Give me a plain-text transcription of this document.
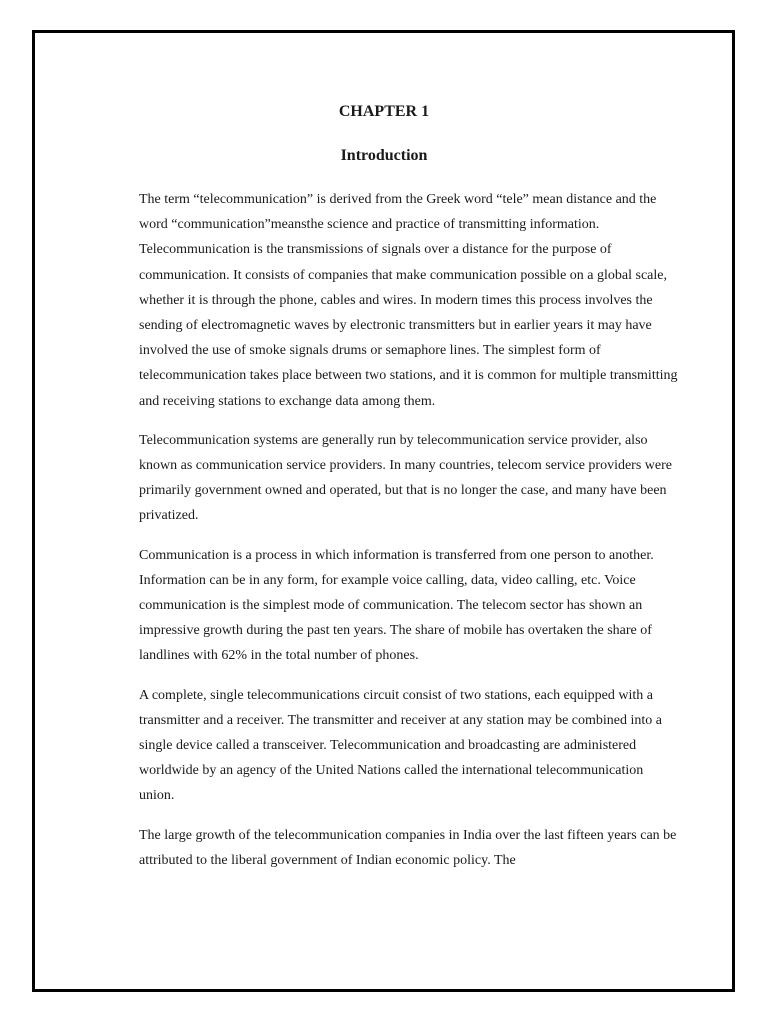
CHAPTER 1
Introduction

The term “telecommunication” is derived from the Greek word “tele” mean distance and the word “communication”meansthe science and practice of transmitting information. Telecommunication is the transmissions of signals over a distance for the purpose of communication. It consists of companies that make communication possible on a global scale, whether it is through the phone, cables and wires. In modern times this process involves the sending of electromagnetic waves by electronic transmitters but in earlier years it may have involved the use of smoke signals drums or semaphore lines. The simplest form of telecommunication takes place between two stations, and it is common for multiple transmitting and receiving stations to exchange data among them.

Telecommunication systems are generally run by telecommunication service provider, also known as communication service providers. In many countries, telecom service providers were primarily government owned and operated, but that is no longer the case, and many have been privatized.

Communication is a process in which information is transferred from one person to another. Information can be in any form, for example voice calling, data, video calling, etc. Voice communication is the simplest mode of communication. The telecom sector has shown an impressive growth during the past ten years. The share of mobile has overtaken the share of landlines with 62% in the total number of phones.

A complete, single telecommunications circuit consist of two stations, each equipped with a transmitter and a receiver. The transmitter and receiver at any station may be combined into a single device called a transceiver. Telecommunication and broadcasting are administered worldwide by an agency of the United Nations called the international telecommunication union.

The large growth of the telecommunication companies in India over the last fifteen years can be attributed to the liberal government of Indian economic policy. The
